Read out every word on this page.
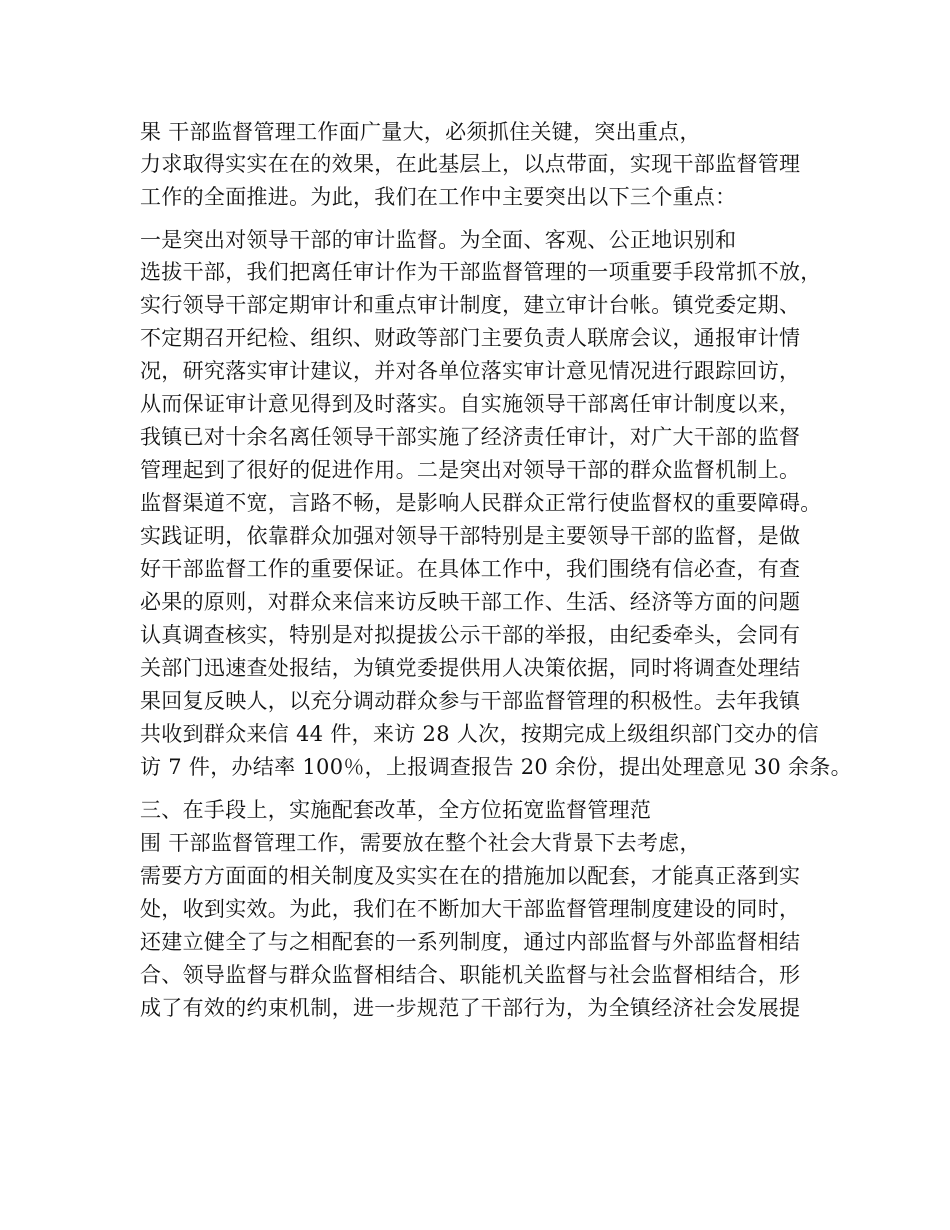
果 干部监督管理工作面广量大，必须抓住关键，突出重点，
力求取得实实在在的效果，在此基层上，以点带面，实现干部监督管理
工作的全面推进。为此，我们在工作中主要突出以下三个重点：
一是突出对领导干部的审计监督。为全面、客观、公正地识别和
选拔干部，我们把离任审计作为干部监督管理的一项重要手段常抓不放，
实行领导干部定期审计和重点审计制度，建立审计台帐。镇党委定期、
不定期召开纪检、组织、财政等部门主要负责人联席会议，通报审计情
况，研究落实审计建议，并对各单位落实审计意见情况进行跟踪回访，
从而保证审计意见得到及时落实。自实施领导干部离任审计制度以来，
我镇已对十余名离任领导干部实施了经济责任审计，对广大干部的监督
管理起到了很好的促进作用。二是突出对领导干部的群众监督机制上。
监督渠道不宽，言路不畅，是影响人民群众正常行使监督权的重要障碍。
实践证明，依靠群众加强对领导干部特别是主要领导干部的监督，是做
好干部监督工作的重要保证。在具体工作中，我们围绕有信必查，有查
必果的原则，对群众来信来访反映干部工作、生活、经济等方面的问题
认真调查核实，特别是对拟提拔公示干部的举报，由纪委牵头，会同有
关部门迅速查处报结，为镇党委提供用人决策依据，同时将调查处理结
果回复反映人，以充分调动群众参与干部监督管理的积极性。去年我镇
共收到群众来信 44 件，来访 28 人次，按期完成上级组织部门交办的信
访 7 件，办结率 100％，上报调查报告 20 余份，提出处理意见 30 余条。
三、在手段上，实施配套改革，全方位拓宽监督管理范
围 干部监督管理工作，需要放在整个社会大背景下去考虑，
需要方方面面的相关制度及实实在在的措施加以配套，才能真正落到实
处，收到实效。为此，我们在不断加大干部监督管理制度建设的同时，
还建立健全了与之相配套的一系列制度，通过内部监督与外部监督相结
合、领导监督与群众监督相结合、职能机关监督与社会监督相结合，形
成了有效的约束机制，进一步规范了干部行为，为全镇经济社会发展提
